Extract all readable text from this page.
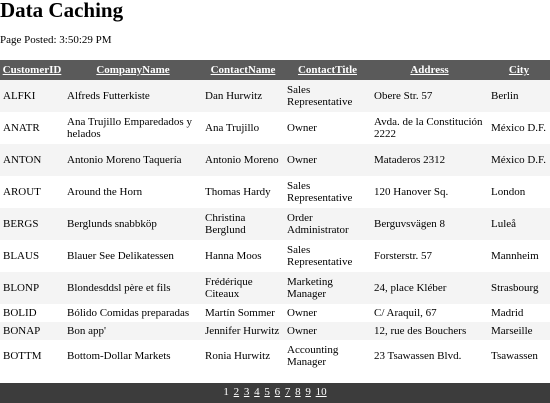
Data Caching
Page Posted: 3:50:29 PM
CustomerID	CompanyName	ContactName	ContactTitle	Address	City
ALFKI	Alfreds Futterkiste	Dan Hurwitz	Sales Representative	Obere Str. 57	Berlin
ANATR	Ana Trujillo Emparedados y helados	Ana Trujillo	Owner	Avda. de la Constitución 2222	México D.F.
ANTON	Antonio Moreno Taquería	Antonio Moreno	Owner	Mataderos 2312	México D.F.
AROUT	Around the Horn	Thomas Hardy	Sales Representative	120 Hanover Sq.	London
BERGS	Berglunds snabbköp	Christina Berglund	Order Administrator	Berguvsvägen 8	Luleå
BLAUS	Blauer See Delikatessen	Hanna Moos	Sales Representative	Forsterstr. 57	Mannheim
BLONP	Blondesddsl père et fils	Frédérique Citeaux	Marketing Manager	24, place Kléber	Strasbourg
BOLID	Bólido Comidas preparadas	Martín Sommer	Owner	C/ Araquil, 67	Madrid
BONAP	Bon app'	Jennifer Hurwitz	Owner	12, rue des Bouchers	Marseille
BOTTM	Bottom-Dollar Markets	Ronia Hurwitz	Accounting Manager	23 Tsawassen Blvd.	Tsawassen
1 2 3 4 5 6 7 8 9 10
